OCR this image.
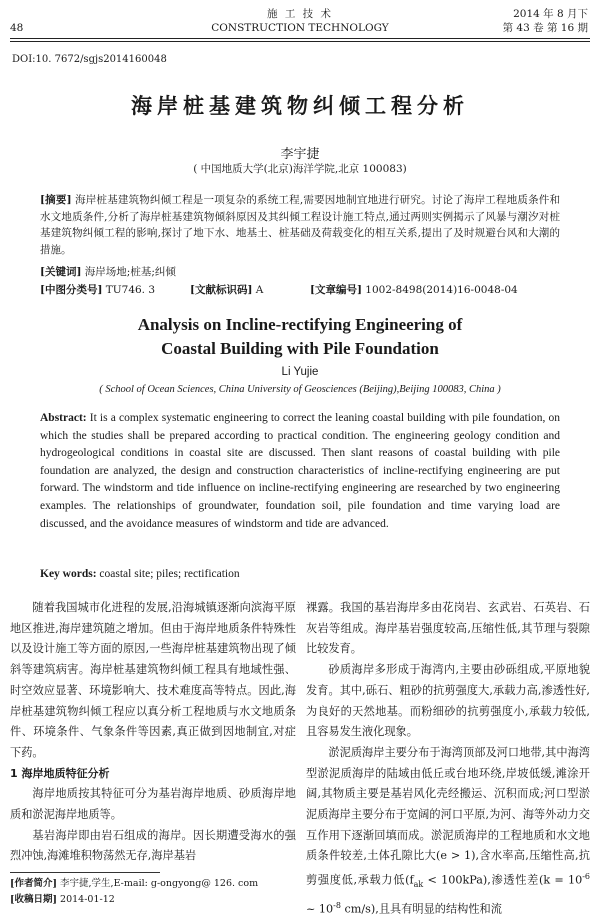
48
施 工 技 术
CONSTRUCTION TECHNOLOGY
2014 年 8 月下
第 43 卷 第 16 期
DOI:10. 7672/sgjs2014160048
海岸桩基建筑物纠倾工程分析
李宇捷
( 中国地质大学(北京)海洋学院,北京 100083)
[摘要] 海岸桩基建筑物纠倾工程是一项复杂的系统工程,需要因地制宜地进行研究。讨论了海岸工程地质条件和水文地质条件,分析了海岸桩基建筑物倾斜原因及其纠倾工程设计施工特点,通过两则实例揭示了风暴与潮汐对桩基建筑物纠倾工程的影响,探讨了地下水、地基土、桩基础及荷载变化的相互关系,提出了及时规避台风和大潮的措施。
[关键词] 海岸场地;桩基;纠倾
[中图分类号] TU746. 3	[文献标识码] A	[文章编号] 1002-8498(2014)16-0048-04
Analysis on Incline-rectifying Engineering of
Coastal Building with Pile Foundation
Li Yujie
( School of Ocean Sciences, China University of Geosciences (Beijing),Beijing 100083, China )
Abstract: It is a complex systematic engineering to correct the leaning coastal building with pile foundation, on which the studies shall be prepared according to practical condition. The engineering geology condition and hydrogeological conditions in coastal site are discussed. Then slant reasons of coastal building with pile foundation are analyzed, the design and construction characteristics of incline-rectifying engineering are put forward. The windstorm and tide influence on incline-rectifying engineering are researched by two engineering examples. The relationships of groundwater, foundation soil, pile foundation and time varying load are discussed, and the avoidance measures of windstorm and tide are advanced.
Key words: coastal site; piles; rectification
随着我国城市化进程的发展,沿海城镇逐渐向滨海平原地区推进,海岸建筑随之增加。但由于海岸地质条件特殊性以及设计施工等方面的原因,一些海岸桩基建筑物出现了倾斜等建筑病害。海岸桩基建筑物纠倾工程具有地域性强、时空效应显著、环境影响大、技术难度高等特点。因此,海岸桩基建筑物纠倾工程应以真分析工程地质与水文地质条件、环境条件、气象条件等因素,真正做到因地制宜,对症下药。
1 海岸地质特征分析
海岸地质按其特征可分为基岩海岸地质、砂质海岸地质和淤泥海岸地质等。
基岩海岸即由岩石组成的海岸。因长期遭受海水的强烈冲蚀,海滩堆积物荡然无存,海岸基岩
[作者简介] 李宇捷,学生,E-mail: g-ongyong@ 126. com
[收稿日期] 2014-01-12
裸露。我国的基岩海岸多由花岗岩、玄武岩、石英岩、石灰岩等组成。海岸基岩强度较高,压缩性低,其节理与裂隙比较发育。
砂质海岸多形成于海湾内,主要由砂砾组成,平原地貌发育。其中,砾石、粗砂的抗剪强度大,承载力高,渗透性好,为良好的天然地基。而粉细砂的抗剪强度小,承载力较低,且容易发生液化现象。
淤泥质海岸主要分布于海湾顶部及河口地带,其中海湾型淤泥质海岸的陆域由低丘或台地环绕,岸坡低缓,滩涂开阔,其物质主要是基岩风化壳经搬运、沉积而成;河口型淤泥质海岸主要分布于宽阔的河口平原,为河、海等外动力交互作用下逐渐回填而成。淤泥质海岸的工程地质和水文地质条件较差,土体孔隙比大(e > 1),含水率高,压缩性高,抗剪强度低,承载力低$(f_{ak} < 100kPa)$,渗透性差($k = 10^{-6}$ ~ $10^{-8}$ cm/s),且具有明显的结构性和流
